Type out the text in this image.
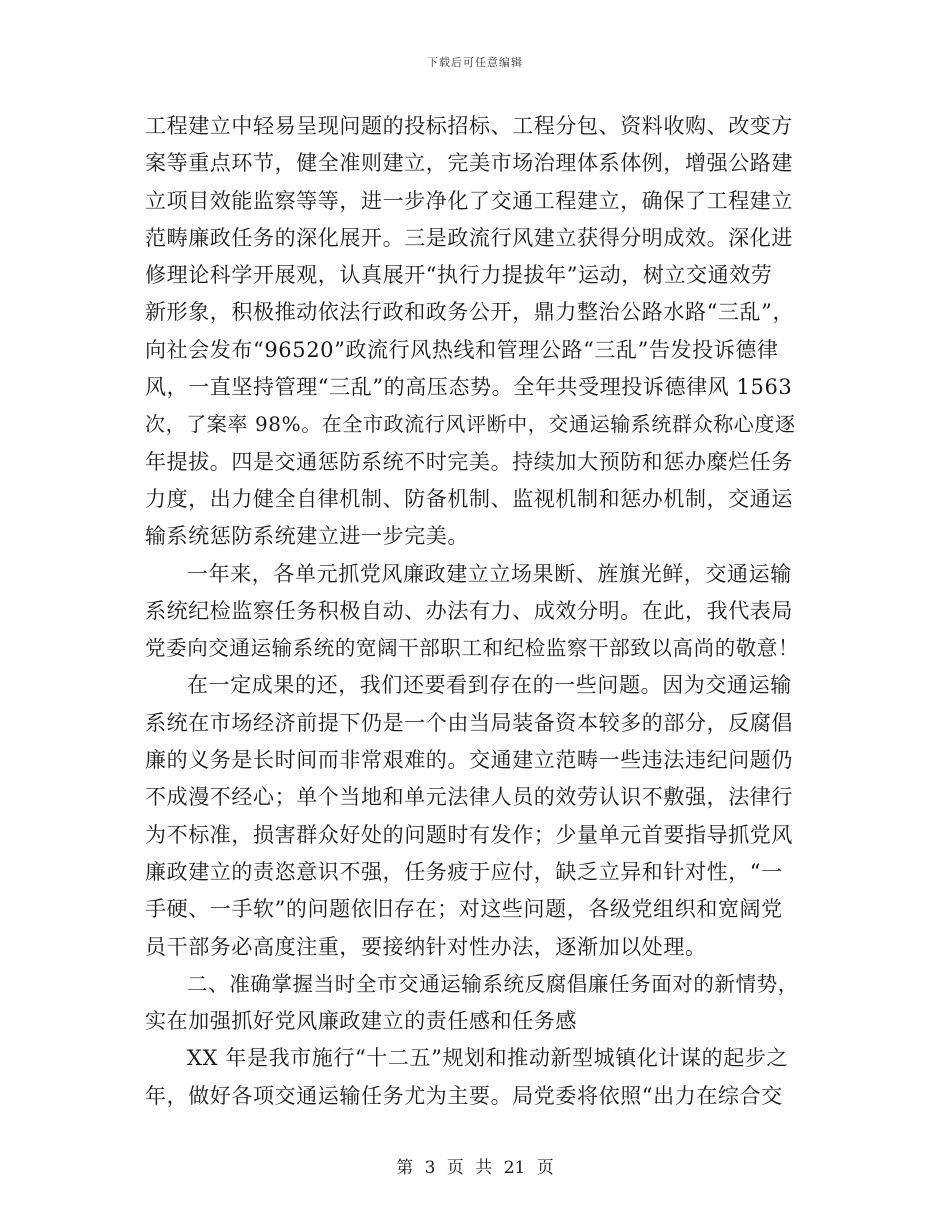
下载后可任意编辑
工程建立中轻易呈现问题的投标招标、工程分包、资料收购、改变方
案等重点环节，健全准则建立，完美市场治理体系体例，增强公路建
立项目效能监察等等，进一步净化了交通工程建立，确保了工程建立
范畴廉政任务的深化展开。三是政流行风建立获得分明成效。深化进
修理论科学开展观，认真展开“执行力提拔年”运动，树立交通效劳
新形象，积极推动依法行政和政务公开，鼎力整治公路水路“三乱”，
向社会发布“96520”政流行风热线和管理公路“三乱”告发投诉德律
风，一直坚持管理“三乱”的高压态势。全年共受理投诉德律风 1563
次，了案率 98%。在全市政流行风评断中，交通运输系统群众称心度逐
年提拔。四是交通惩防系统不时完美。持续加大预防和惩办糜烂任务
力度，出力健全自律机制、防备机制、监视机制和惩办机制，交通运
输系统惩防系统建立进一步完美。
一年来，各单元抓党风廉政建立立场果断、旌旗光鲜，交通运输
系统纪检监察任务积极自动、办法有力、成效分明。在此，我代表局
党委向交通运输系统的宽阔干部职工和纪检监察干部致以高尚的敬意！
在一定成果的还，我们还要看到存在的一些问题。因为交通运输
系统在市场经济前提下仍是一个由当局装备资本较多的部分，反腐倡
廉的义务是长时间而非常艰难的。交通建立范畴一些违法违纪问题仍
不成漫不经心；单个当地和单元法律人员的效劳认识不敷强，法律行
为不标准，损害群众好处的问题时有发作；少量单元首要指导抓党风
廉政建立的责恣意识不强，任务疲于应付，缺乏立异和针对性，“一
手硬、一手软”的问题依旧存在；对这些问题，各级党组织和宽阔党
员干部务必高度注重，要接纳针对性办法，逐渐加以处理。
二、准确掌握当时全市交通运输系统反腐倡廉任务面对的新情势，
实在加强抓好党风廉政建立的责任感和任务感
XX 年是我市施行“十二五”规划和推动新型城镇化计谋的起步之
年，做好各项交通运输任务尤为主要。局党委将依照“出力在综合交
第 3 页 共 21 页
